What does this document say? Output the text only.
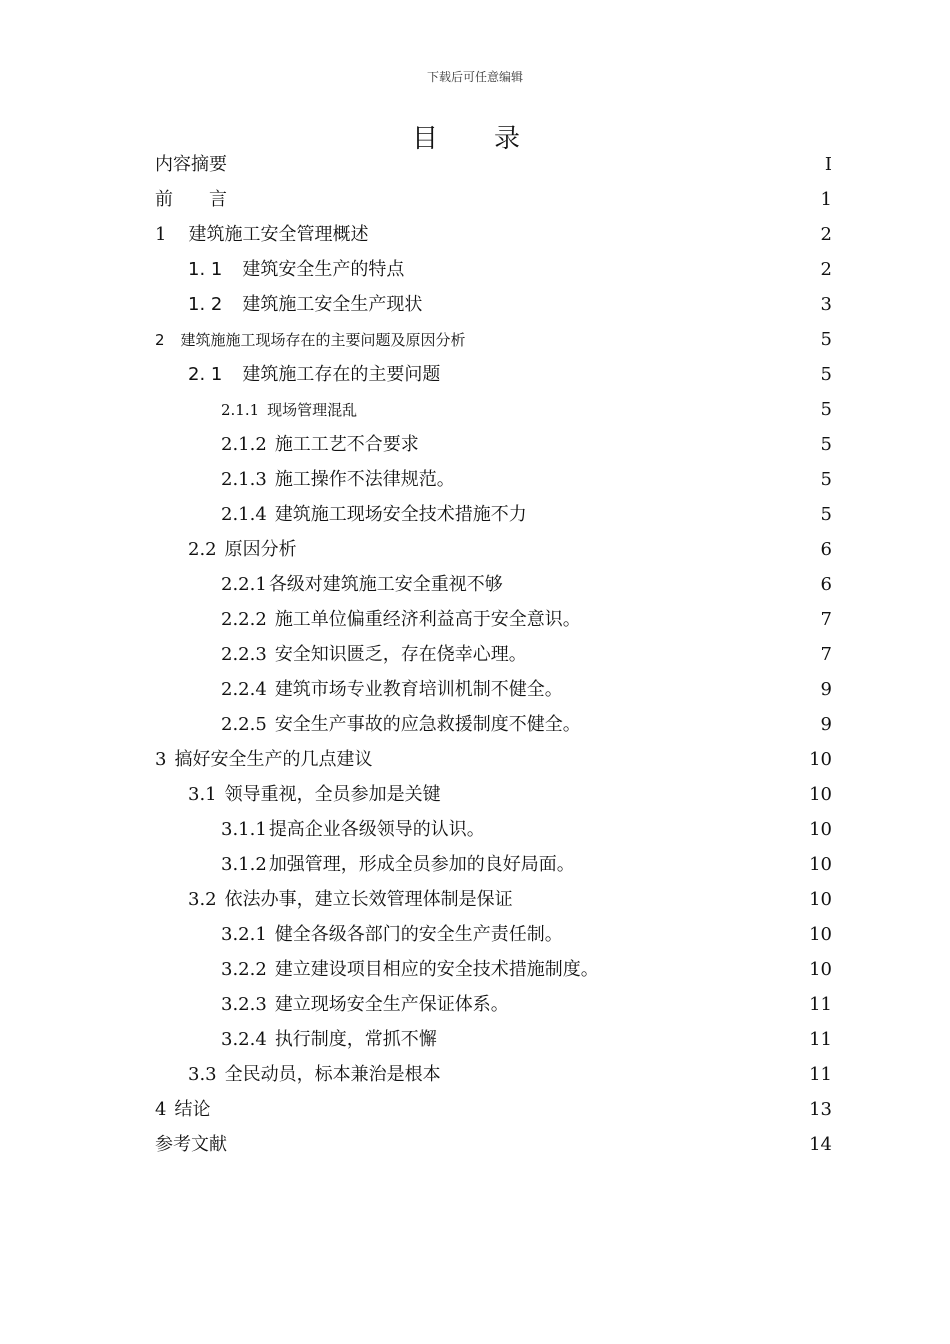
下载后可任意编辑
目录
内容摘要	I
前　　言	1
1 建筑施工安全管理概述	2
1. 1 建筑安全生产的特点	2
1. 2 建筑施工安全生产现状	3
2 建筑施施工现场存在的主要问题及原因分析	5
2. 1 建筑施工存在的主要问题	5
2.1.1 现场管理混乱	5
2.1.2 施工工艺不合要求	5
2.1.3 施工操作不法律规范。	5
2.1.4 建筑施工现场安全技术措施不力	5
2.2 原因分析	6
2.2.1 各级对建筑施工安全重视不够	6
2.2.2 施工单位偏重经济利益高于安全意识。	7
2.2.3 安全知识匮乏，存在侥幸心理。	7
2.2.4 建筑市场专业教育培训机制不健全。	9
2.2.5 安全生产事故的应急救援制度不健全。	9
3 搞好安全生产的几点建议	10
3.1 领导重视，全员参加是关键	10
3.1.1 提高企业各级领导的认识。	10
3.1.2 加强管理，形成全员参加的良好局面。	10
3.2 依法办事，建立长效管理体制是保证	10
3.2.1 健全各级各部门的安全生产责任制。	10
3.2.2 建立建设项目相应的安全技术措施制度。	10
3.2.3 建立现场安全生产保证体系。	11
3.2.4 执行制度，常抓不懈	11
3.3 全民动员，标本兼治是根本	11
4 结论	13
参考文献	14
